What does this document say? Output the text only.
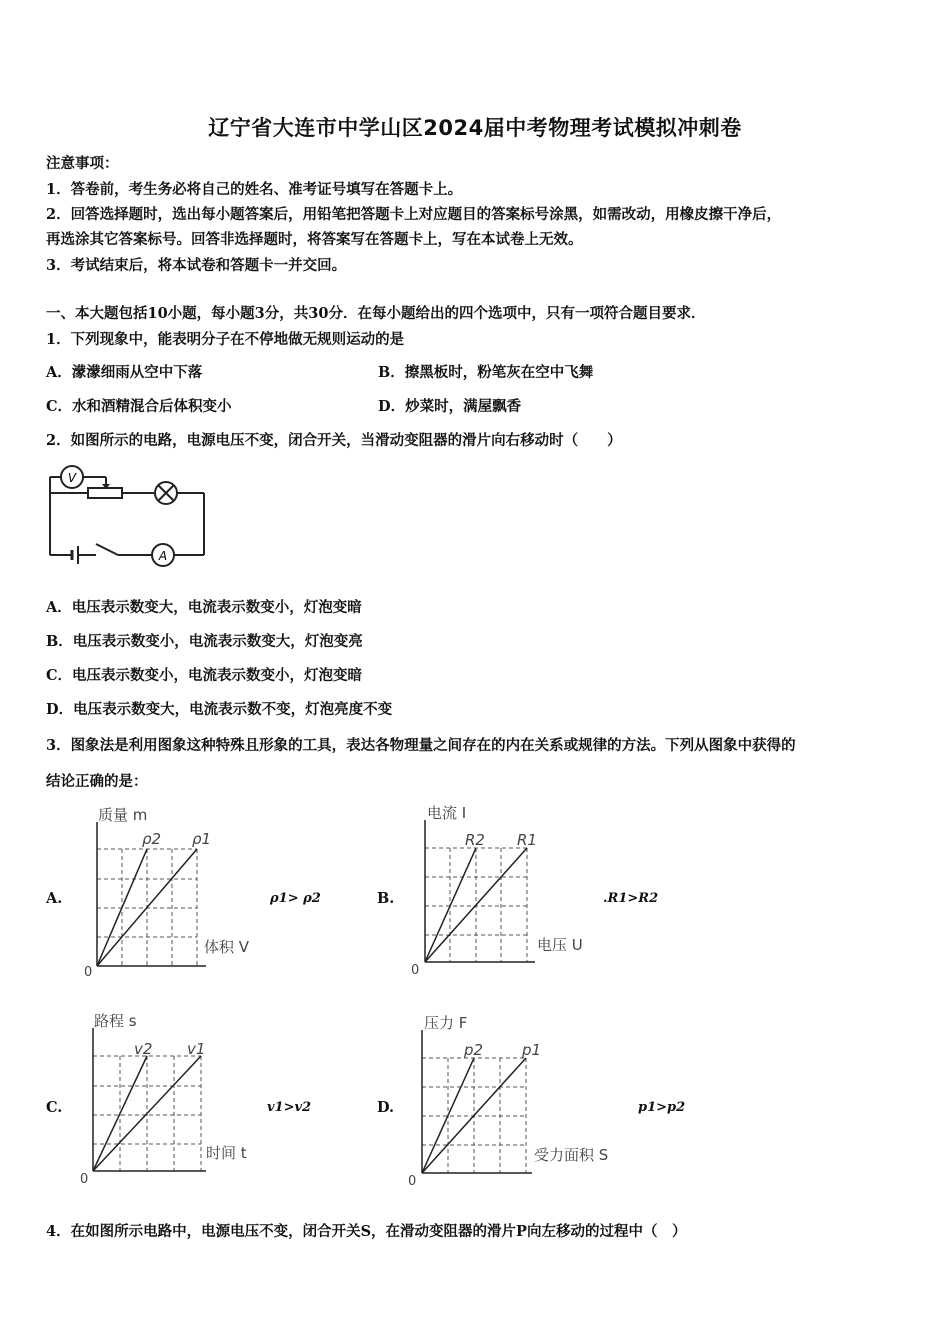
辽宁省大连市中学山区2024届中考物理考试模拟冲刺卷
注意事项：
1．答卷前，考生务必将自己的姓名、准考证号填写在答题卡上。
2．回答选择题时，选出每小题答案后，用铅笔把答题卡上对应题目的答案标号涂黑，如需改动，用橡皮擦干净后，
再选涂其它答案标号。回答非选择题时，将答案写在答题卡上，写在本试卷上无效。
3．考试结束后，将本试卷和答题卡一并交回。
一、本大题包括10小题，每小题3分，共30分．在每小题给出的四个选项中，只有一项符合题目要求．
1．下列现象中，能表明分子在不停地做无规则运动的是
A．濛濛细雨从空中下落	B．擦黑板时，粉笔灰在空中飞舞
C．水和酒精混合后体积变小	D．炒菜时，满屋飘香
2．如图所示的电路，电源电压不变，闭合开关，当滑动变阻器的滑片向右移动时（　　）
V
A
A．电压表示数变大，电流表示数变小，灯泡变暗
B．电压表示数变小，电流表示数变大，灯泡变亮
C．电压表示数变小，电流表示数变小，灯泡变暗
D．电压表示数变大，电流表示数不变，灯泡亮度不变
3．图象法是利用图象这种特殊且形象的工具，表达各物理量之间存在的内在关系或规律的方法。下列从图象中获得的
结论正确的是：
A.
质量 m
体积 V
ρ2 ρ1
0
ρ1> ρ2	B.
电流 I
电压 U
R2 R1
0
.R1>R2
C.
路程 s
时间 t
v2 v1
0
v1>v2	D.
压力 F
受力面积 S
p2	p1
0
p1>p2
4．在如图所示电路中，电源电压不变，闭合开关S，在滑动变阻器的滑片P向左移动的过程中（　）
